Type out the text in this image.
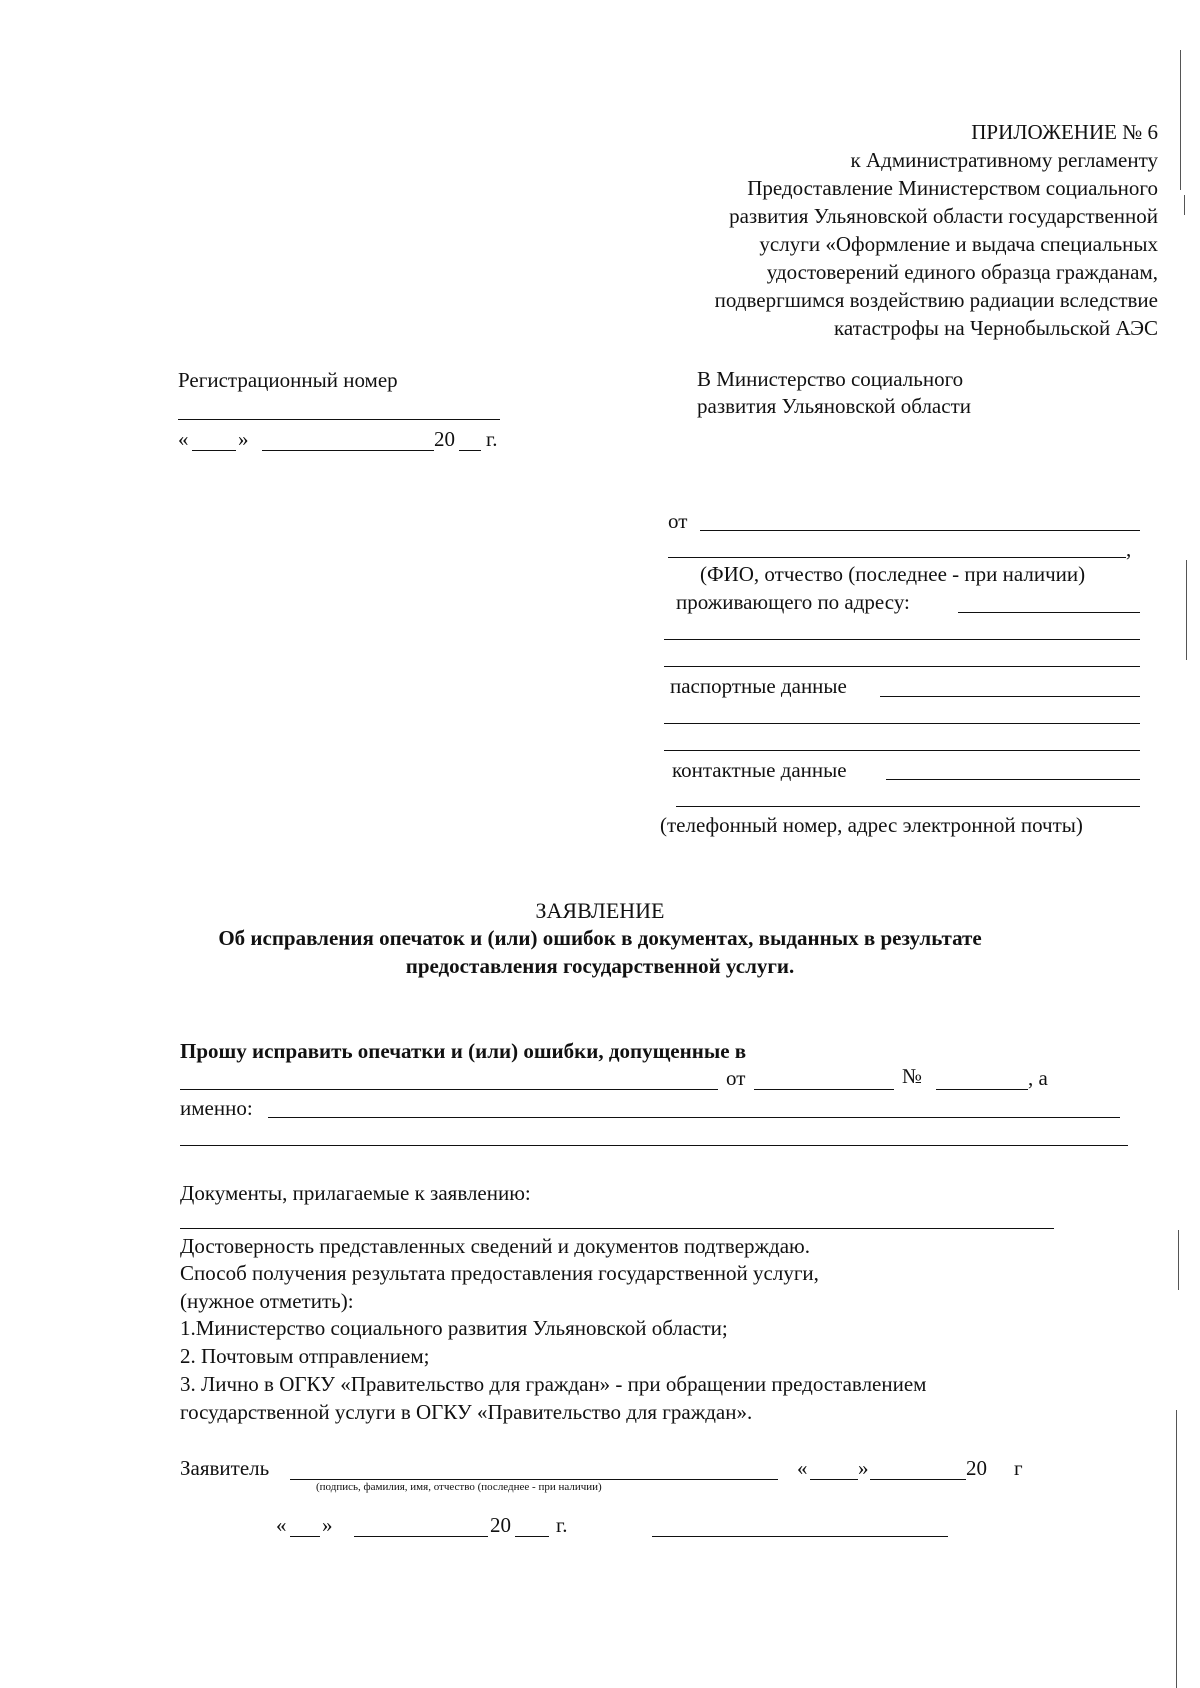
ПРИЛОЖЕНИЕ № 6
к Административному регламенту
Предоставление Министерством социального
развития Ульяновской области государственной
услуги «Оформление и выдача специальных
удостоверений единого образца гражданам,
подвергшимся воздействию радиации вследствие
катастрофы на Чернобыльской АЭС
Регистрационный номер
« »	20 г.
В Министерство социального
развития Ульяновской области
от
,
(ФИО, отчество (последнее - при наличии)
проживающего по адресу:
паспортные данные
контактные данные
(телефонный номер, адрес электронной почты)
ЗАЯВЛЕНИЕ
Об исправления опечаток и (или) ошибок в документах, выданных в результате
предоставления государственной услуги.
Прошу исправить опечатки и (или) ошибки, допущенные в
от	№	, а
именно:
Документы, прилагаемые к заявлению:
Достоверность представленных сведений и документов подтверждаю.
Способ получения результата предоставления государственной услуги,
(нужное отметить):
1.Министерство социального развития Ульяновской области;
2. Почтовым отправлением;
3. Лично в ОГКУ «Правительство для граждан» - при обращении предоставлением
государственной услуги в ОГКУ «Правительство для граждан».
Заявитель
(подпись, фамилия, имя, отчество (последнее - при наличии)
« »	20 г
« »	20 г.
